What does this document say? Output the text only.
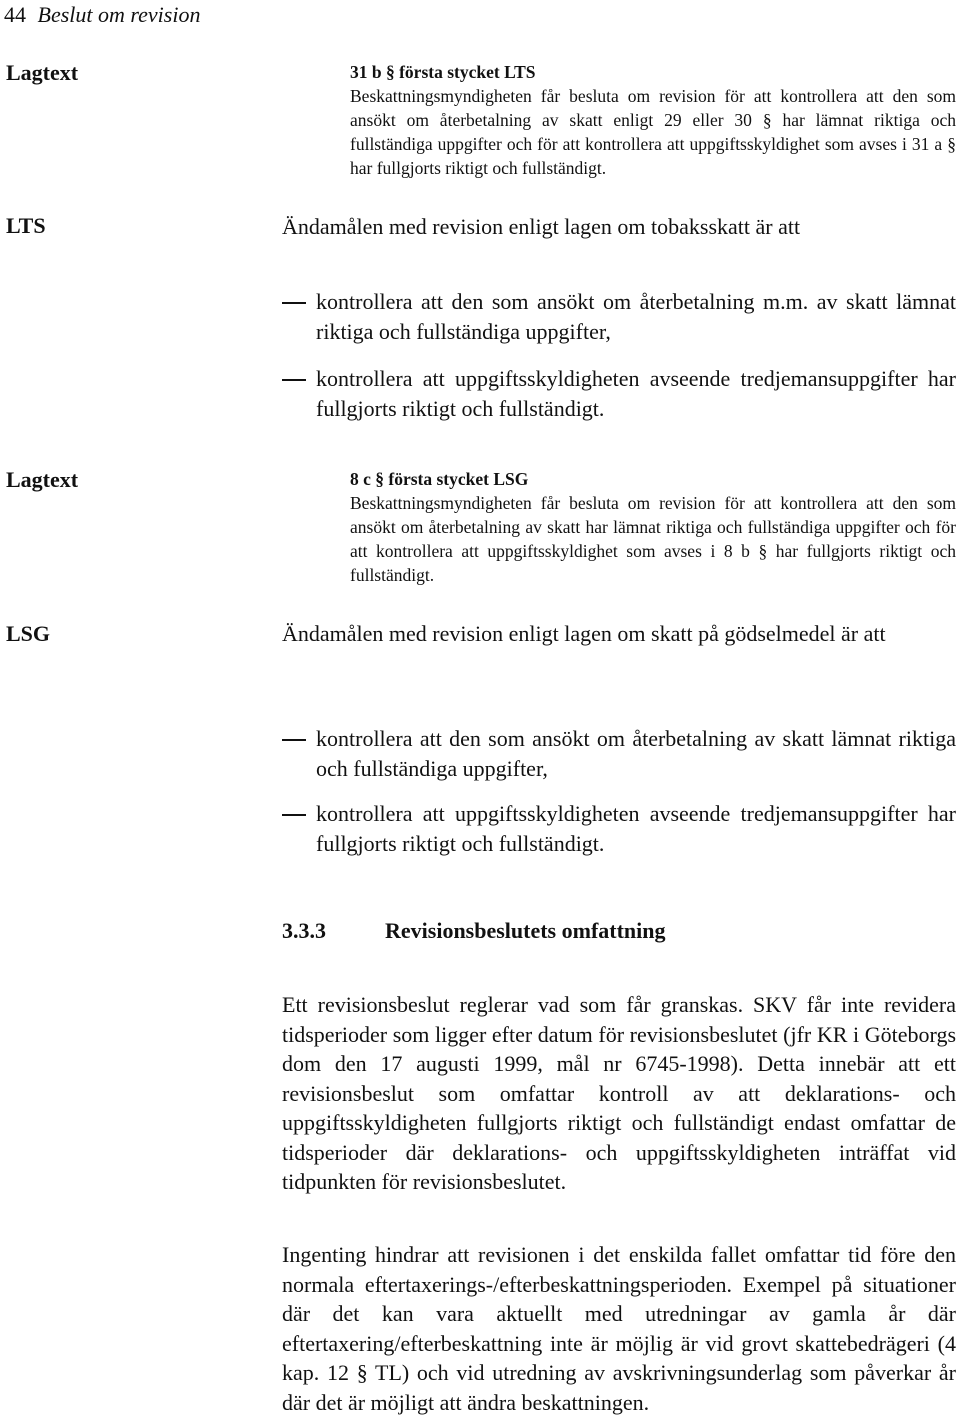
44 Beslut om revision
Lagtext	31 b § första stycket LTS
Beskattningsmyndigheten får besluta om revision för att kontrollera att den som ansökt om återbetalning av skatt enligt 29 eller 30 § har lämnat riktiga och fullständiga uppgifter och för att kontrollera att uppgiftsskyldighet som avses i 31 a § har fullgjorts riktigt och fullständigt.
LTS	Ändamålen med revision enligt lagen om tobaksskatt är att
kontrollera att den som ansökt om återbetalning m.m. av skatt lämnat riktiga och fullständiga uppgifter,
kontrollera att uppgiftsskyldigheten avseende tredjemansuppgifter har fullgjorts riktigt och fullständigt.
Lagtext	8 c § första stycket LSG
Beskattningsmyndigheten får besluta om revision för att kontrollera att den som ansökt om återbetalning av skatt har lämnat riktiga och fullständiga uppgifter och för att kontrollera att uppgiftsskyldighet som avses i 8 b § har fullgjorts riktigt och fullständigt.
LSG	Ändamålen med revision enligt lagen om skatt på gödselmedel är att
kontrollera att den som ansökt om återbetalning av skatt lämnat riktiga och fullständiga uppgifter,
kontrollera att uppgiftsskyldigheten avseende tredjemansuppgifter har fullgjorts riktigt och fullständigt.
3.3.3	Revisionsbeslutets omfattning
Ett revisionsbeslut reglerar vad som får granskas. SKV får inte revidera tidsperioder som ligger efter datum för revisionsbeslutet (jfr KR i Göteborgs dom den 17 augusti 1999, mål nr 6745-1998). Detta innebär att ett revisionsbeslut som omfattar kontroll av att deklarations- och uppgiftsskyldigheten fullgjorts riktigt och fullständigt endast omfattar de tidsperioder där deklarations- och uppgiftsskyldigheten inträffat vid tidpunkten för revisionsbeslutet.
Ingenting hindrar att revisionen i det enskilda fallet omfattar tid före den normala eftertaxerings-/efterbeskattningsperioden. Exempel på situationer där det kan vara aktuellt med utredningar av gamla år där eftertaxering/efterbeskattning inte är möjlig är vid grovt skattebedrägeri (4 kap. 12 § TL) och vid utredning av avskrivningsunderlag som påverkar år där det är möjligt att ändra beskattningen.
